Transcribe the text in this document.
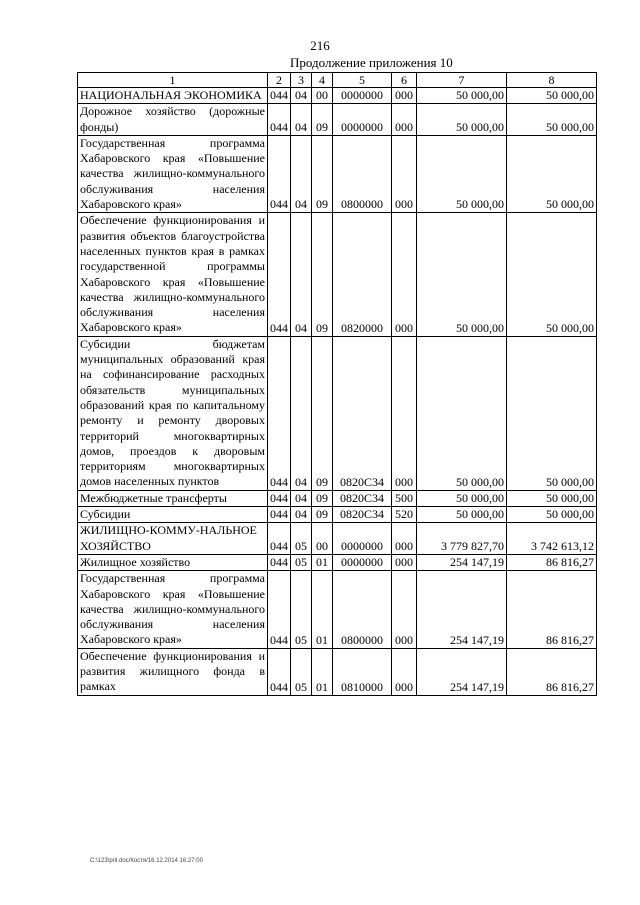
216
Продолжение приложения 10
1	2	3	4	5	6	7	8
НАЦИОНАЛЬНАЯ ЭКОНОМИКА	044	04	00	0000000	000	50 000,00	50 000,00
Дорожное хозяйство (дорожные фонды)	044	04	09	0000000	000	50 000,00	50 000,00
Государственная программа Хабаровского края «Повышение качества жилищно-коммунального обслуживания населения Хабаровского края»	044	04	09	0800000	000	50 000,00	50 000,00
Обеспечение функционирования и развития объектов благоустройства населенных пунктов края в рамках государственной программы Хабаровского края «Повышение качества жилищно-коммунального обслуживания населения Хабаровского края»	044	04	09	0820000	000	50 000,00	50 000,00
Субсидии бюджетам муниципальных образований края на софинансирование расходных обязательств муниципальных образований края по капитальному ремонту и ремонту дворовых территорий многоквартирных домов, проездов к дворовым территориям многоквартирных домов населенных пунктов	044	04	09	0820С34	000	50 000,00	50 000,00
Межбюджетные трансферты	044	04	09	0820С34	500	50 000,00	50 000,00
Субсидии	044	04	09	0820С34	520	50 000,00	50 000,00
ЖИЛИЩНО-КОММУ-НАЛЬНОЕ ХОЗЯЙСТВО	044	05	00	0000000	000	3 779 827,70	3 742 613,12
Жилищное хозяйство	044	05	01	0000000	000	254 147,19	86 816,27
Государственная программа Хабаровского края «Повышение качества жилищно-коммунального обслуживания населения Хабаровского края»	044	05	01	0800000	000	254 147,19	86 816,27
Обеспечение функционирования и развития жилищного фонда в рамках	044	05	01	0810000	000	254 147,19	86 816,27
C:\123\pril.doc/Костя/16.12.2014 16:27:00
